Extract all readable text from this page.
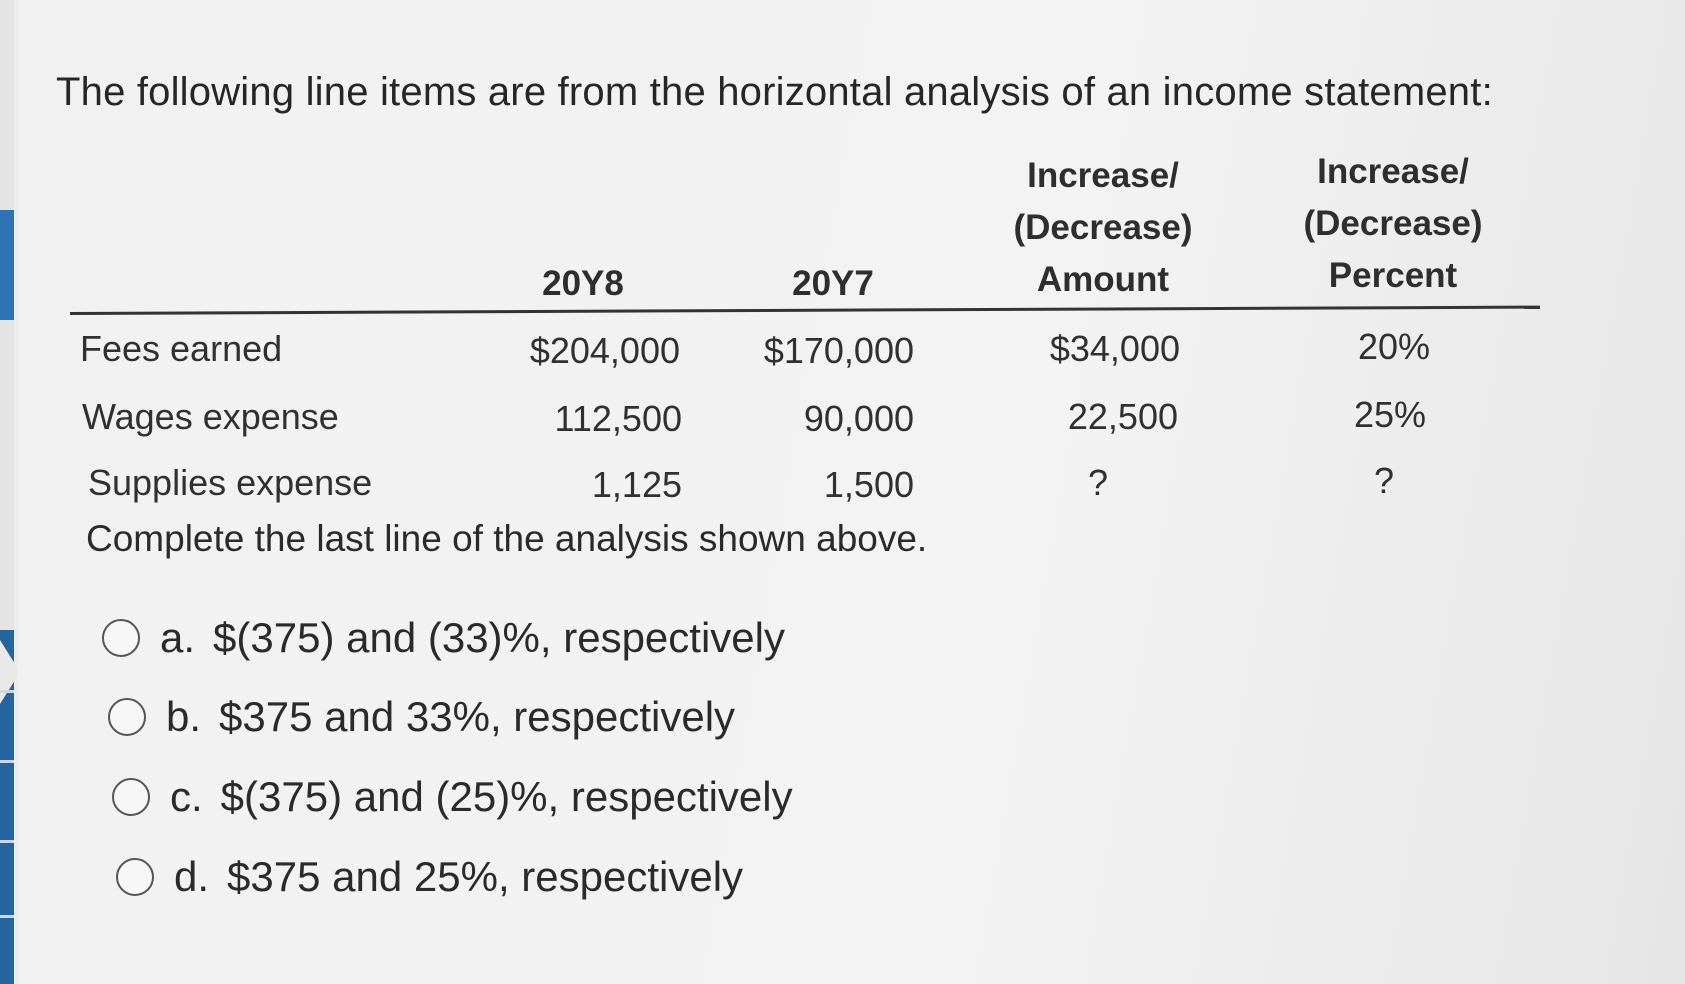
The following line items are from the horizontal analysis of an income statement:
20Y8	20Y7
Increase/
(Decrease)
Amount
Increase/
(Decrease)
Percent
Fees earned	$204,000	$170,000	$34,000	20%
Wages expense	112,500	90,000	22,500	25%
Supplies expense	1,125	1,500	?	?
Complete the last line of the analysis shown above.
a. $(375) and (33)%, respectively
b. $375 and 33%, respectively
c. $(375) and (25)%, respectively
d. $375 and 25%, respectively
